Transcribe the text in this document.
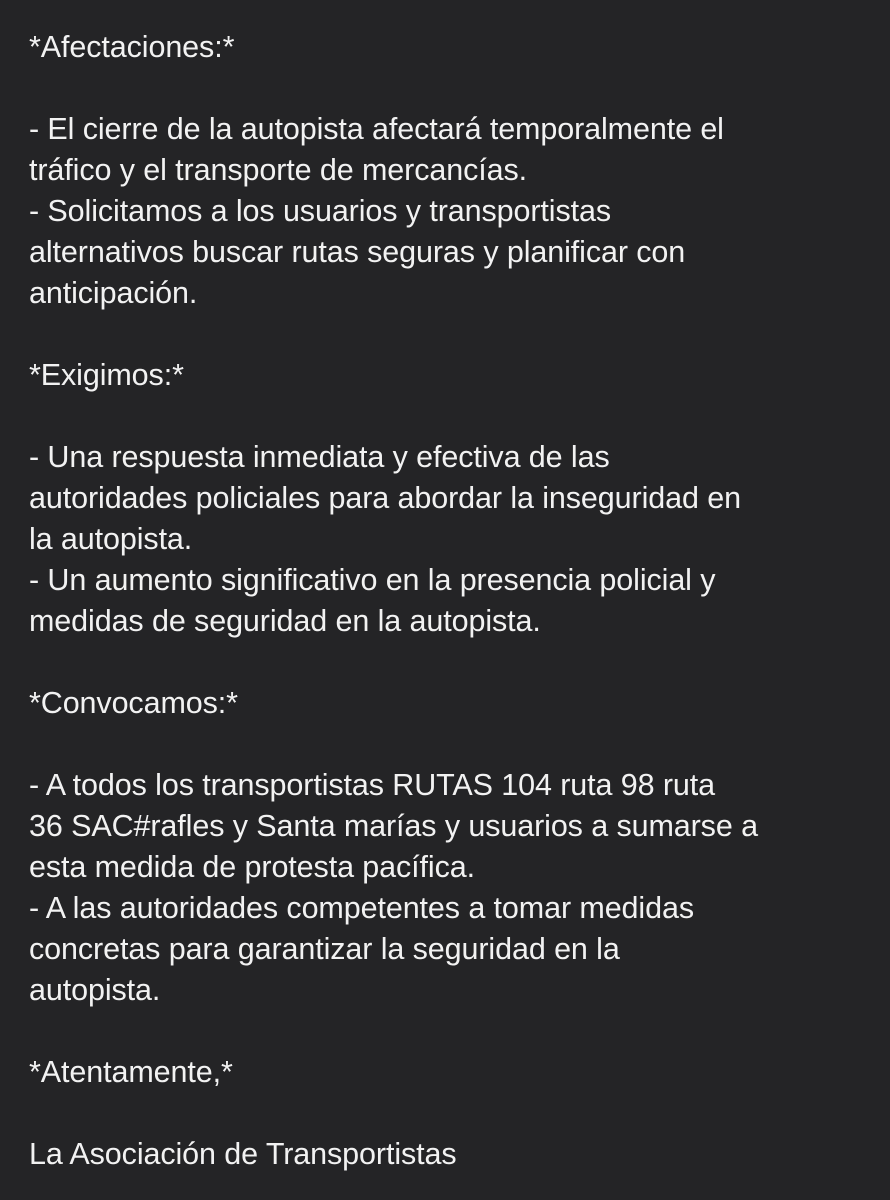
*Afectaciones:*
- El cierre de la autopista afectará temporalmente el
tráfico y el transporte de mercancías.
- Solicitamos a los usuarios y transportistas
alternativos buscar rutas seguras y planificar con
anticipación.
*Exigimos:*
- Una respuesta inmediata y efectiva de las
autoridades policiales para abordar la inseguridad en
la autopista.
- Un aumento significativo en la presencia policial y
medidas de seguridad en la autopista.
*Convocamos:*
- A todos los transportistas RUTAS 104 ruta 98 ruta
36 SAC#rafles y Santa marías y usuarios a sumarse a
esta medida de protesta pacífica.
- A las autoridades competentes a tomar medidas
concretas para garantizar la seguridad en la
autopista.
*Atentamente,*
La Asociación de Transportistas
